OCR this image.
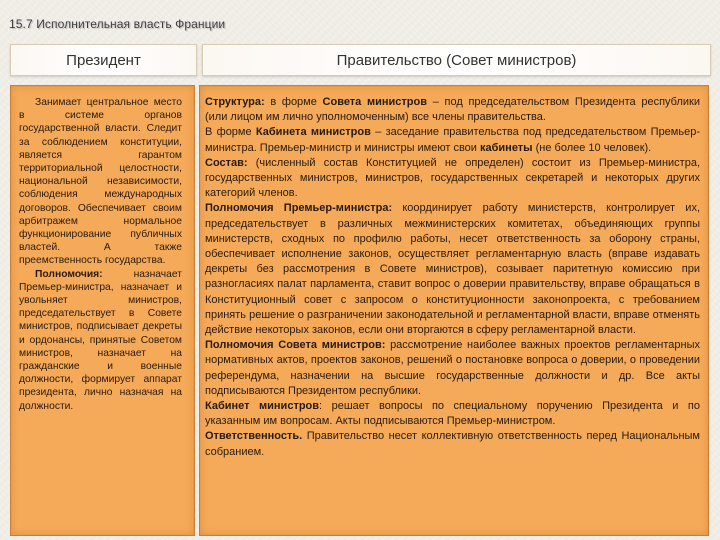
15.7 Исполнительная власть Франции
Президент	Правительство (Совет министров)

Занимает центральное место в системе органов государственной власти. Следит за соблюдением конституции, является гарантом территориальной целостности, национальной независимости, соблюдения международных договоров. Обеспечивает своим арбитражем нормальное функционирование публичных властей. А также преемственность государства.

Полномочия: назначает Премьер-министра, назначает и увольняет министров, председательствует в Совете министров, подписывает декреты и ордонансы, принятые Советом министров, назначает на гражданские и военные должности, формирует аппарат президента, лично назначая на должности.

Структура: в форме Совета министров – под председательством Президента республики (или лицом им лично уполномоченным) все члены правительства.

В форме Кабинета министров – заседание правительства под председательством Премьер-министра. Премьер-министр и министры имеют свои кабинеты (не более 10 человек).

Состав: (численный состав Конституцией не определен) состоит из Премьер-министра, государственных министров, министров, государственных секретарей и некоторых других категорий членов.

Полномочия Премьер-министра: координирует работу министерств, контролирует их, председательствует в различных межминистерских комитетах, объединяющих группы министерств, сходных по профилю работы, несет ответственность за оборону страны, обеспечивает исполнение законов, осуществляет регламентарную власть (вправе издавать декреты без рассмотрения в Совете министров), созывает паритетную комиссию при разногласиях палат парламента, ставит вопрос о доверии правительству, вправе обращаться в Конституционный совет с запросом о конституционности законопроекта, с требованием принять решение о разграничении законодательной и регламентарной власти, вправе отменять действие некоторых законов, если они вторгаются в сферу регламентарной власти.

Полномочия Совета министров: рассмотрение наиболее важных проектов регламентарных нормативных актов, проектов законов, решений о постановке вопроса о доверии, о проведении референдума, назначении на высшие государственные должности и др. Все акты подписываются Президентом республики.

Кабинет министров: решает вопросы по специальному поручению Президента и по указанным им вопросам. Акты подписываются Премьер-министром.

Ответственность. Правительство несет коллективную ответственность перед Национальным собранием.
